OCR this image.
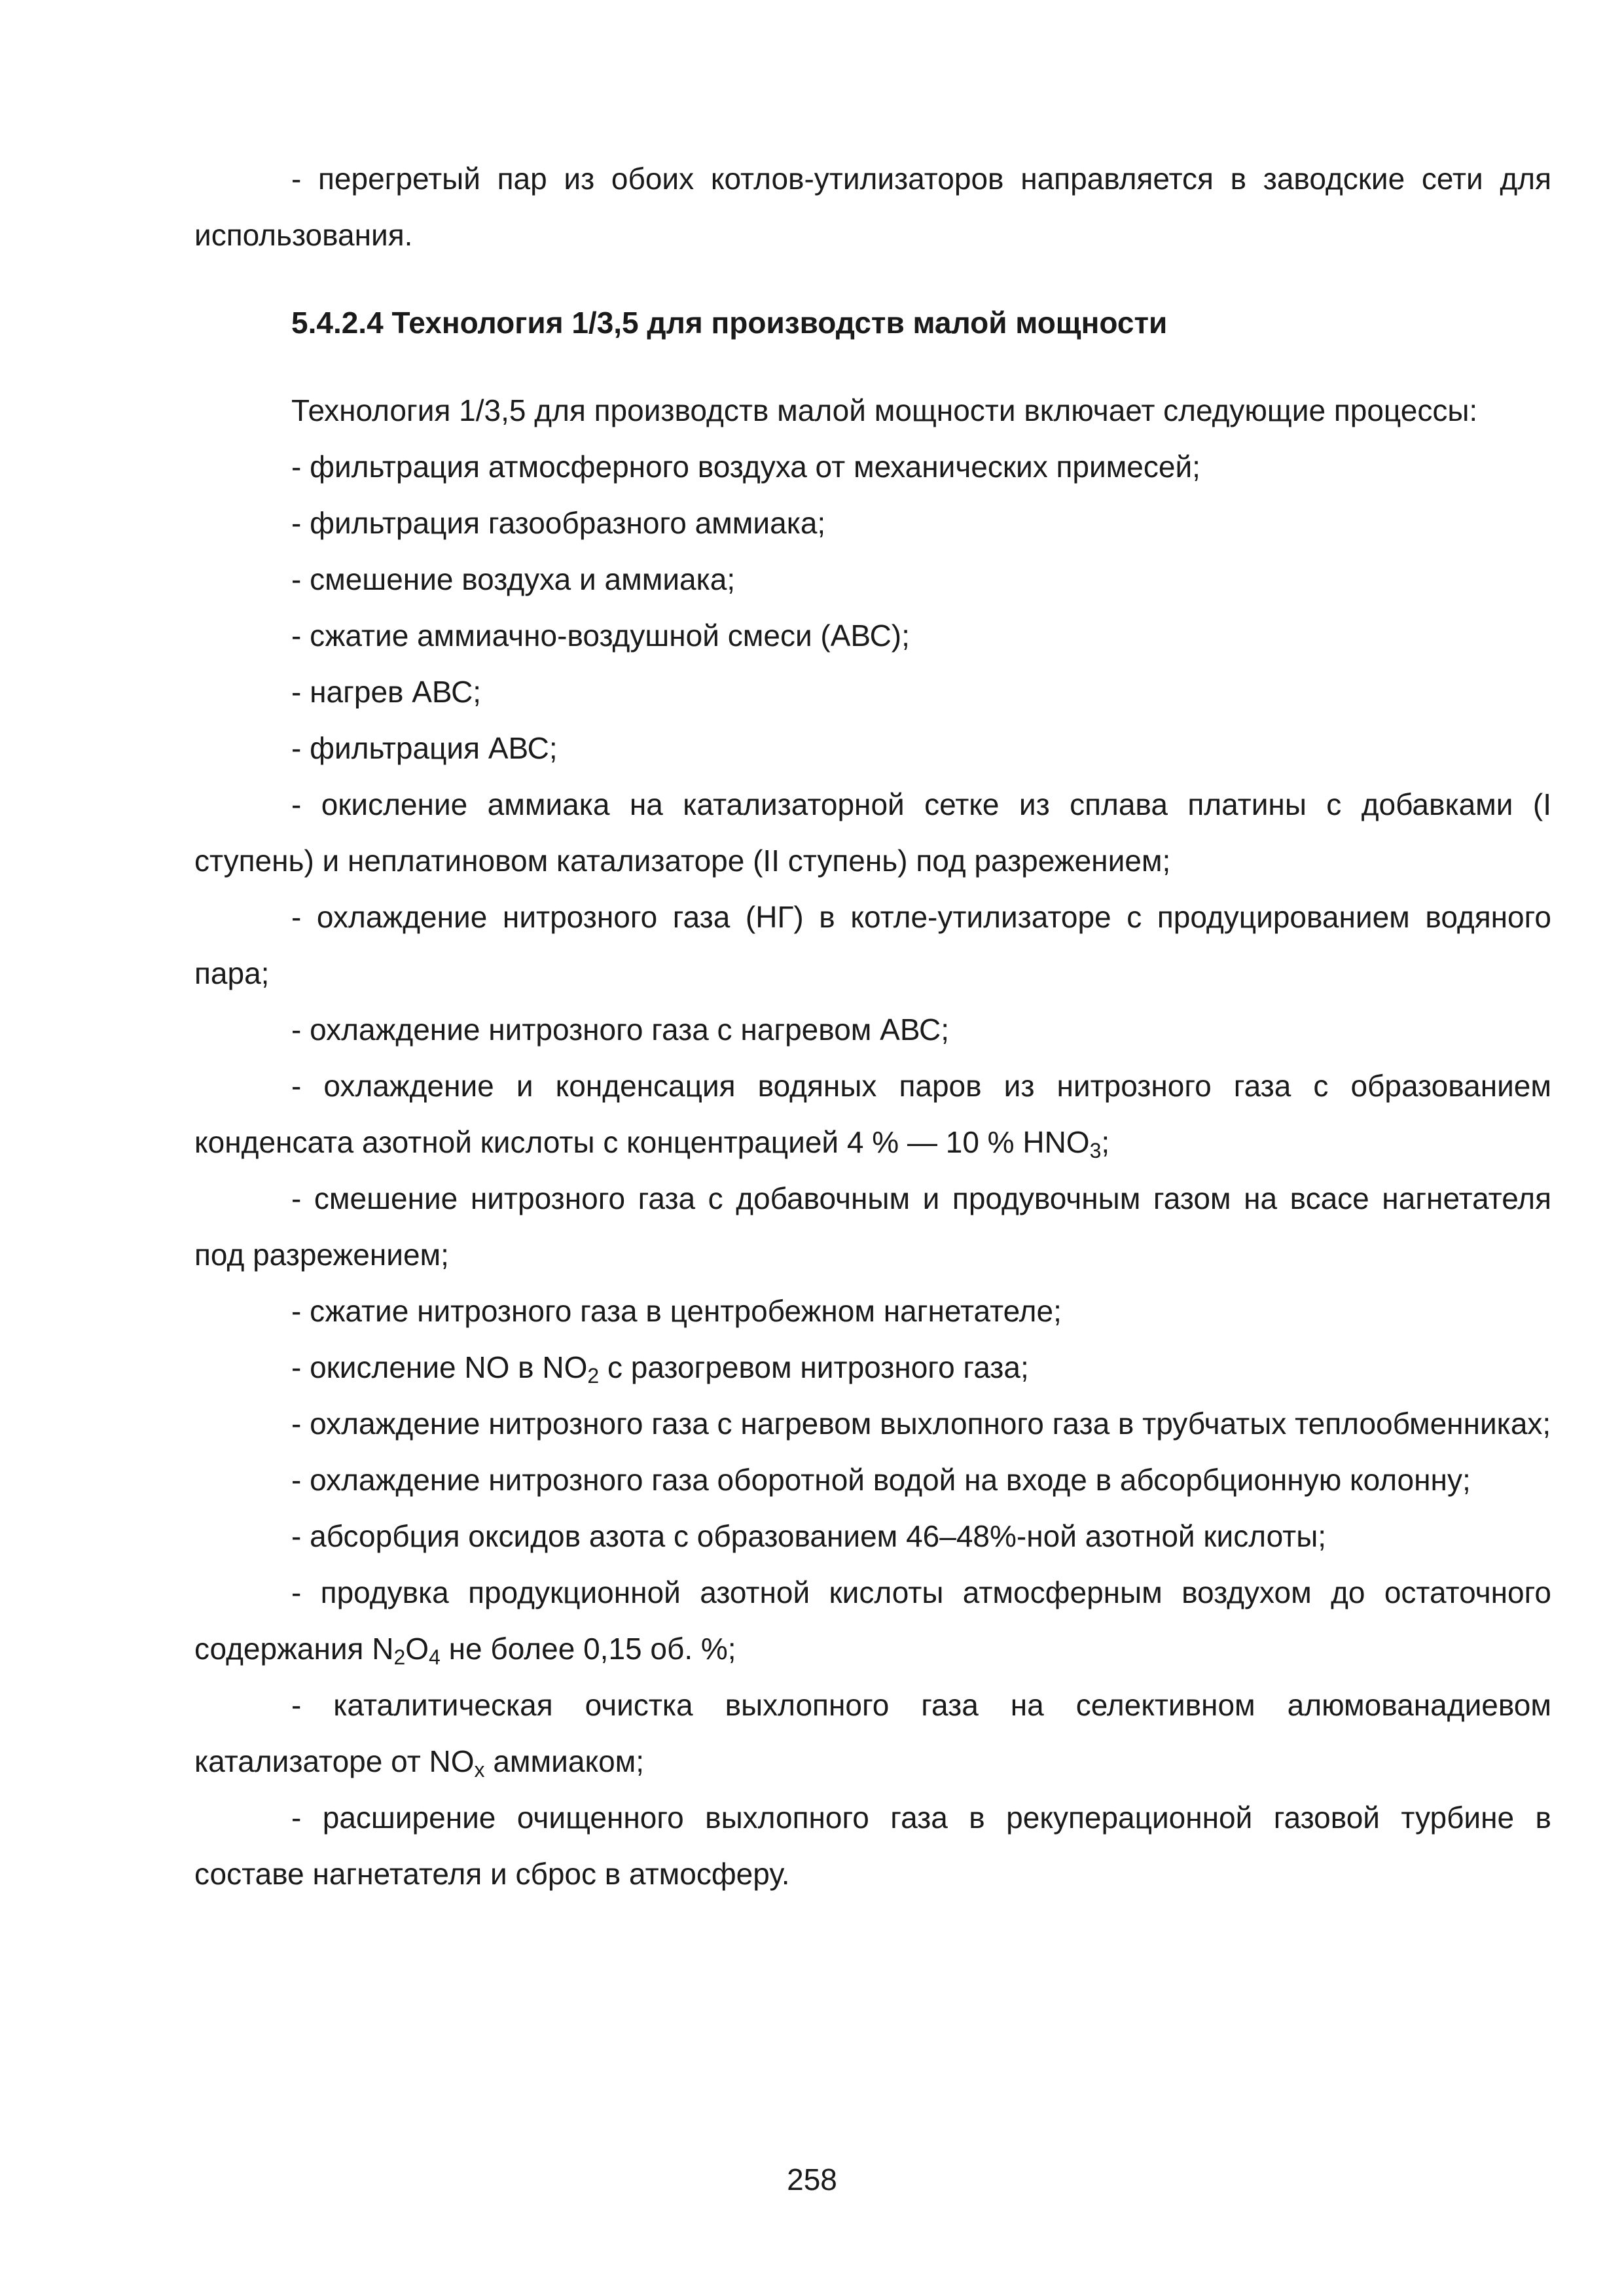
- перегретый пар из обоих котлов-утилизаторов направляется в заводские сети для использования.

5.4.2.4 Технология 1/3,5 для производств малой мощности

Технология 1/3,5 для производств малой мощности включает следующие процессы:

- фильтрация атмосферного воздуха от механических примесей;

- фильтрация газообразного аммиака;

- смешение воздуха и аммиака;

- сжатие аммиачно-воздушной смеси (АВС);

- нагрев АВС;

- фильтрация АВС;

- окисление аммиака на катализаторной сетке из сплава платины с добавками (I ступень) и неплатиновом катализаторе (II ступень) под разрежением;

- охлаждение нитрозного газа (НГ) в котле-утилизаторе с продуцированием водяного пара;

- охлаждение нитрозного газа с нагревом АВС;

- охлаждение и конденсация водяных паров из нитрозного газа с образованием конденсата азотной кислоты с концентрацией 4 % — 10 % $HNO_3$;

- смешение нитрозного газа с добавочным и продувочным газом на всасе нагнетателя под разрежением;

- сжатие нитрозного газа в центробежном нагнетателе;

- окисление NO в $NO_2$ с разогревом нитрозного газа;

- охлаждение нитрозного газа с нагревом выхлопного газа в трубчатых теплообменниках;

- охлаждение нитрозного газа оборотной водой на входе в абсорбционную колонну;

- абсорбция оксидов азота с образованием 46–48%-ной азотной кислоты;

- продувка продукционной азотной кислоты атмосферным воздухом до остаточного содержания $N_2O_4$ не более 0,15 об. %;

- каталитическая очистка выхлопного газа на селективном алюмованадиевом катализаторе от $NO_x$ аммиаком;

- расширение очищенного выхлопного газа в рекуперационной газовой турбине в составе нагнетателя и сброс в атмосферу.

258
